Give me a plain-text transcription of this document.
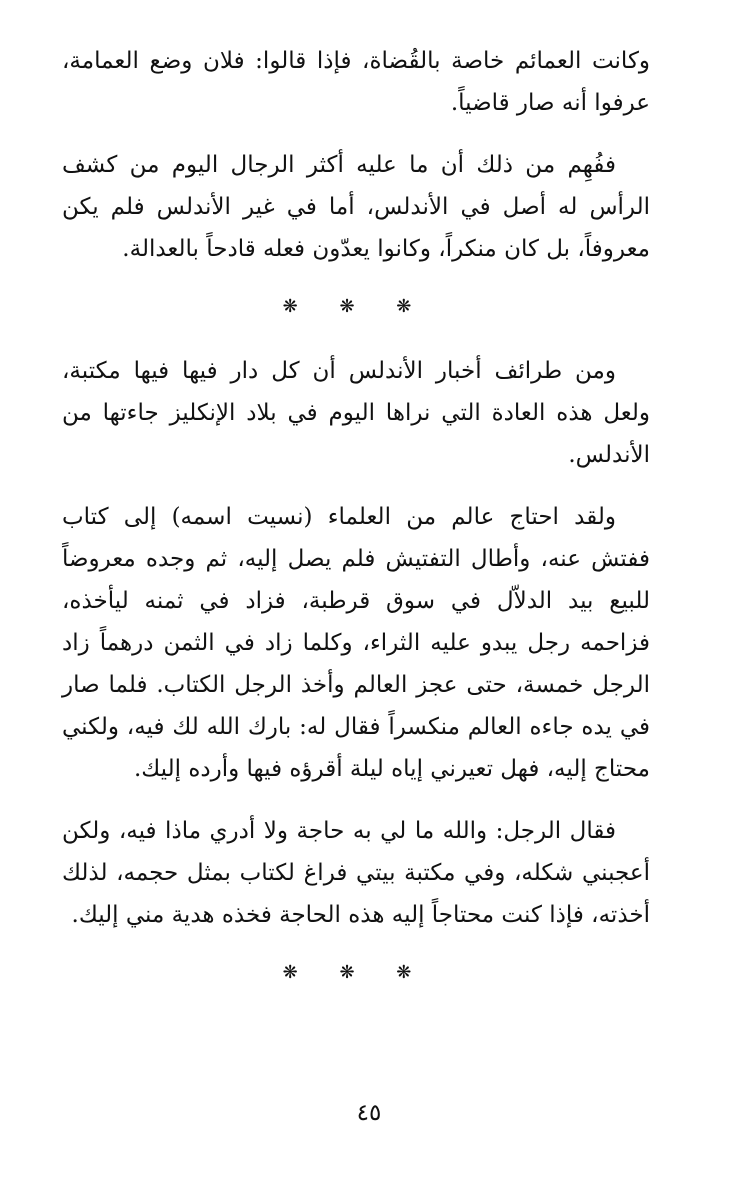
وكانت العمائم خاصة بالقُضاة، فإذا قالوا: فلان وضع العمامة، عرفوا أنه صار قاضياً.

ففُهِم من ذلك أن ما عليه أكثر الرجال اليوم من كشف الرأس له أصل في الأندلس، أما في غير الأندلس فلم يكن معروفاً، بل كان منكراً، وكانوا يعدّون فعله قادحاً بالعدالة.

❋ ❋ ❋

ومن طرائف أخبار الأندلس أن كل دار فيها فيها مكتبة، ولعل هذه العادة التي نراها اليوم في بلاد الإنكليز جاءتها من الأندلس.

ولقد احتاج عالم من العلماء (نسيت اسمه) إلى كتاب ففتش عنه، وأطال التفتيش فلم يصل إليه، ثم وجده معروضاً للبيع بيد الدلاّل في سوق قرطبة، فزاد في ثمنه ليأخذه، فزاحمه رجل يبدو عليه الثراء، وكلما زاد في الثمن درهماً زاد الرجل خمسة، حتى عجز العالم وأخذ الرجل الكتاب. فلما صار في يده جاءه العالم منكسراً فقال له: بارك الله لك فيه، ولكني محتاج إليه، فهل تعيرني إياه ليلة أقرؤه فيها وأرده إليك.

فقال الرجل: والله ما لي به حاجة ولا أدري ماذا فيه، ولكن أعجبني شكله، وفي مكتبة بيتي فراغ لكتاب بمثل حجمه، لذلك أخذته، فإذا كنت محتاجاً إليه هذه الحاجة فخذه هدية مني إليك.

❋ ❋ ❋
٤٥
